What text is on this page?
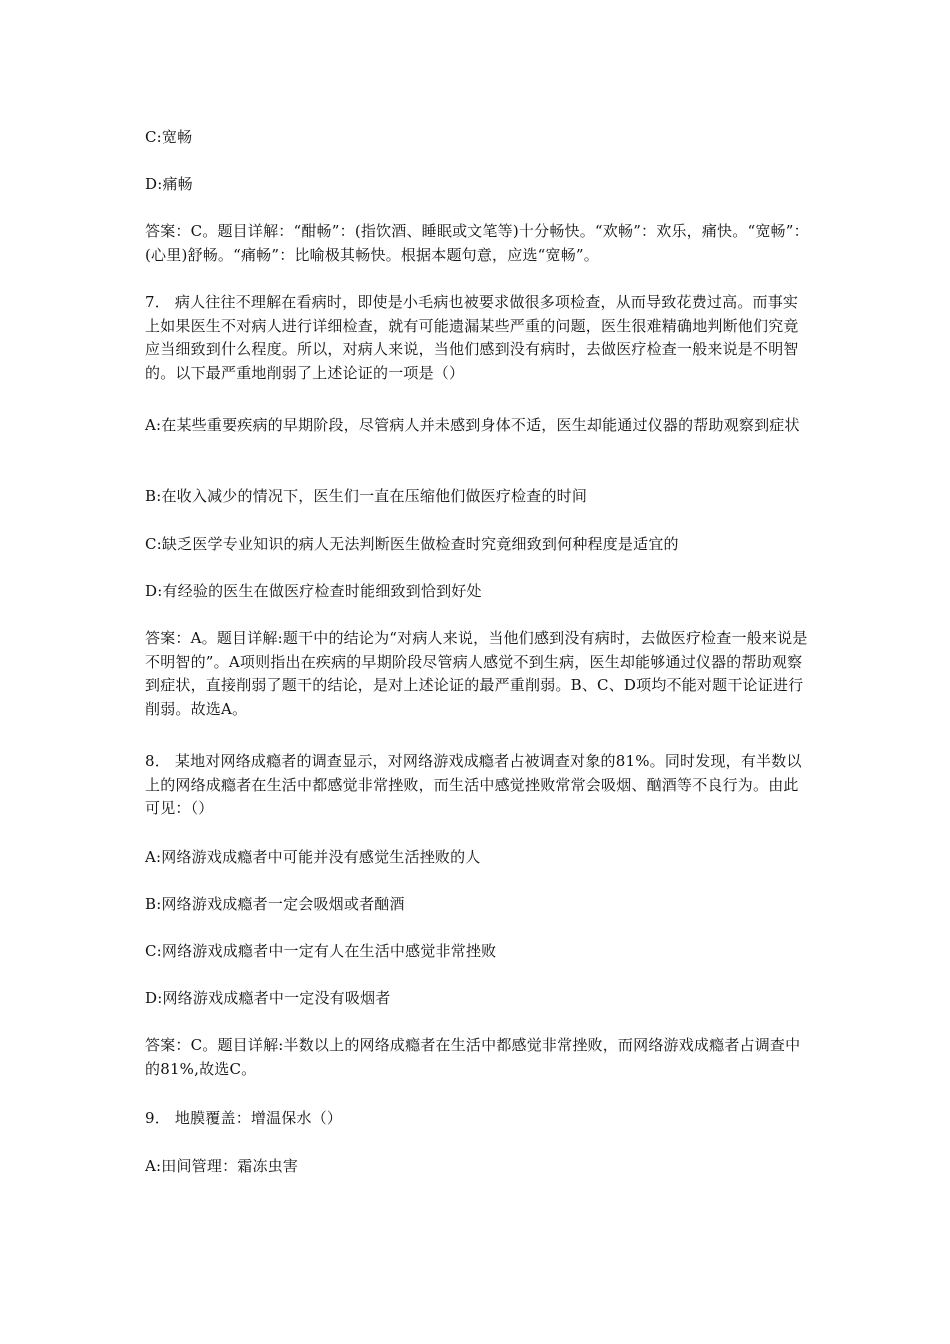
C:宽畅

D:痛畅

答案：C。题目详解：“酣畅”：(指饮酒、睡眠或文笔等)十分畅快。“欢畅”：欢乐，痛快。“宽畅”：(心里)舒畅。“痛畅”：比喻极其畅快。根据本题句意，应选“宽畅”。

7． 病人往往不理解在看病时，即使是小毛病也被要求做很多项检查，从而导致花费过高。而事实上如果医生不对病人进行详细检查，就有可能遗漏某些严重的问题，医生很难精确地判断他们究竟应当细致到什么程度。所以，对病人来说，当他们感到没有病时，去做医疗检查一般来说是不明智的。以下最严重地削弱了上述论证的一项是（）

A:在某些重要疾病的早期阶段，尽管病人并未感到身体不适，医生却能通过仪器的帮助观察到症状

B:在收入减少的情况下，医生们一直在压缩他们做医疗检查的时间

C:缺乏医学专业知识的病人无法判断医生做检查时究竟细致到何种程度是适宜的

D:有经验的医生在做医疗检查时能细致到恰到好处

答案：A。题目详解:题干中的结论为“对病人来说，当他们感到没有病时，去做医疗检查一般来说是不明智的”。A项则指出在疾病的早期阶段尽管病人感觉不到生病，医生却能够通过仪器的帮助观察到症状，直接削弱了题干的结论，是对上述论证的最严重削弱。B、C、D项均不能对题干论证进行削弱。故选A。

8． 某地对网络成瘾者的调查显示，对网络游戏成瘾者占被调查对象的81%。同时发现，有半数以上的网络成瘾者在生活中都感觉非常挫败，而生活中感觉挫败常常会吸烟、酗酒等不良行为。由此可见：（）

A:网络游戏成瘾者中可能并没有感觉生活挫败的人

B:网络游戏成瘾者一定会吸烟或者酗酒

C:网络游戏成瘾者中一定有人在生活中感觉非常挫败

D:网络游戏成瘾者中一定没有吸烟者

答案：C。题目详解:半数以上的网络成瘾者在生活中都感觉非常挫败，而网络游戏成瘾者占调查中的81%,故选C。

9． 地膜覆盖：增温保水（）

A:田间管理：霜冻虫害
